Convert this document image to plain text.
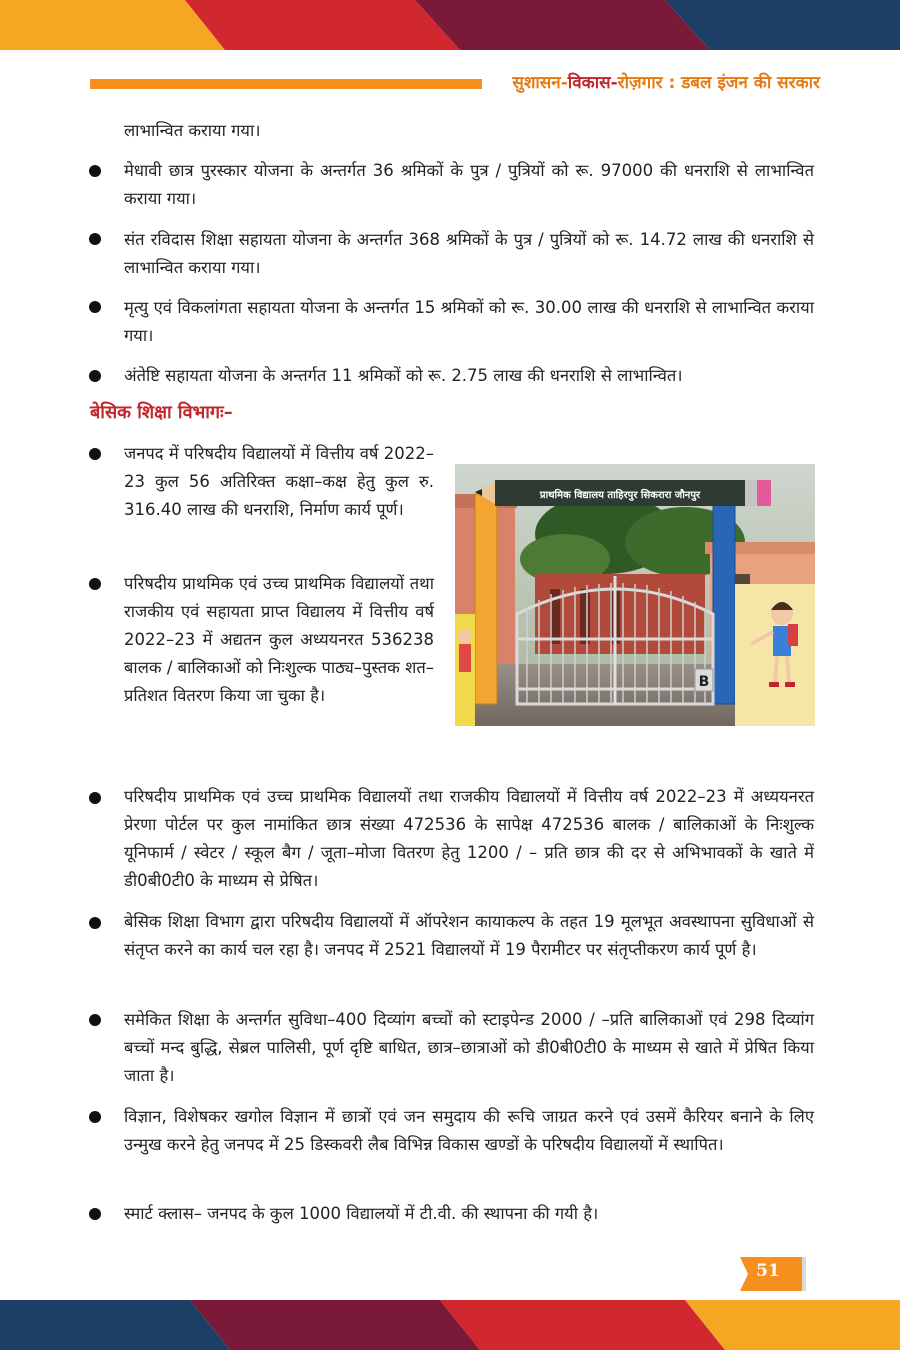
सुशासन-विकास-रोज़गार : डबल इंजन की सरकार
लाभान्वित कराया गया।
मेधावी छात्र पुरस्कार योजना के अन्तर्गत 36 श्रमिकों के पुत्र / पुत्रियों को रू. 97000 की धनराशि से लाभान्वित कराया गया।
संत रविदास शिक्षा सहायता योजना के अन्तर्गत 368 श्रमिकों के पुत्र / पुत्रियों को रू. 14.72 लाख की धनराशि से लाभान्वित कराया गया।
मृत्यु एवं विकलांगता सहायता योजना के अन्तर्गत 15 श्रमिकों को रू. 30.00 लाख की धनराशि से लाभान्वित कराया गया।
अंतेष्टि सहायता योजना के अन्तर्गत 11 श्रमिकों को रू. 2.75 लाख की धनराशि से लाभान्वित।
बेसिक शिक्षा विभागः–
जनपद में परिषदीय विद्यालयों में वित्तीय वर्ष 2022–23 कुल 56 अतिरिक्त कक्षा–कक्ष हेतु कुल रु. 316.40 लाख की धनराशि, निर्माण कार्य पूर्ण।
परिषदीय प्राथमिक एवं उच्च प्राथमिक विद्यालयों तथा राजकीय एवं सहायता प्राप्त विद्यालय में वित्तीय वर्ष 2022–23 में अद्यतन कुल अध्ययनरत 536238 बालक / बालिकाओं को निःशुल्क पाठ्य–पुस्तक शत–प्रतिशत वितरण किया जा चुका है।
प्राथमिक विद्यालय ताहिरपुर सिकरारा जौनपुर
B
परिषदीय प्राथमिक एवं उच्च प्राथमिक विद्यालयों तथा राजकीय विद्यालयों में वित्तीय वर्ष 2022–23 में अध्ययनरत प्रेरणा पोर्टल पर कुल नामांकित छात्र संख्या 472536 के सापेक्ष 472536 बालक / बालिकाओं के निःशुल्क यूनिफार्म / स्वेटर / स्कूल बैग / जूता–मोजा वितरण हेतु 1200 / – प्रति छात्र की दर से अभिभावकों के खाते में डी0बी0टी0 के माध्यम से प्रेषित।
बेसिक शिक्षा विभाग द्वारा परिषदीय विद्यालयों में ऑपरेशन कायाकल्प के तहत 19 मूलभूत अवस्थापना सुविधाओं से संतृप्त करने का कार्य चल रहा है। जनपद में 2521 विद्यालयों में 19 पैरामीटर पर संतृप्तीकरण कार्य पूर्ण है।
समेकित शिक्षा के अन्तर्गत सुविधा–400 दिव्यांग बच्चों को स्टाइपेन्ड 2000 / –प्रति बालिकाओं एवं 298 दिव्यांग बच्चों मन्द बुद्धि, सेब्रल पालिसी, पूर्ण दृष्टि बाधित, छात्र–छात्राओं को डी0बी0टी0 के माध्यम से खाते में प्रेषित किया जाता है।
विज्ञान, विशेषकर खगोल विज्ञान में छात्रों एवं जन समुदाय की रूचि जाग्रत करने एवं उसमें कैरियर बनाने के लिए उन्मुख करने हेतु जनपद में 25 डिस्कवरी लैब विभिन्न विकास खण्डों के परिषदीय विद्यालयों में स्थापित।
स्मार्ट क्लास– जनपद के कुल 1000 विद्यालयों में टी.वी. की स्थापना की गयी है।
51
